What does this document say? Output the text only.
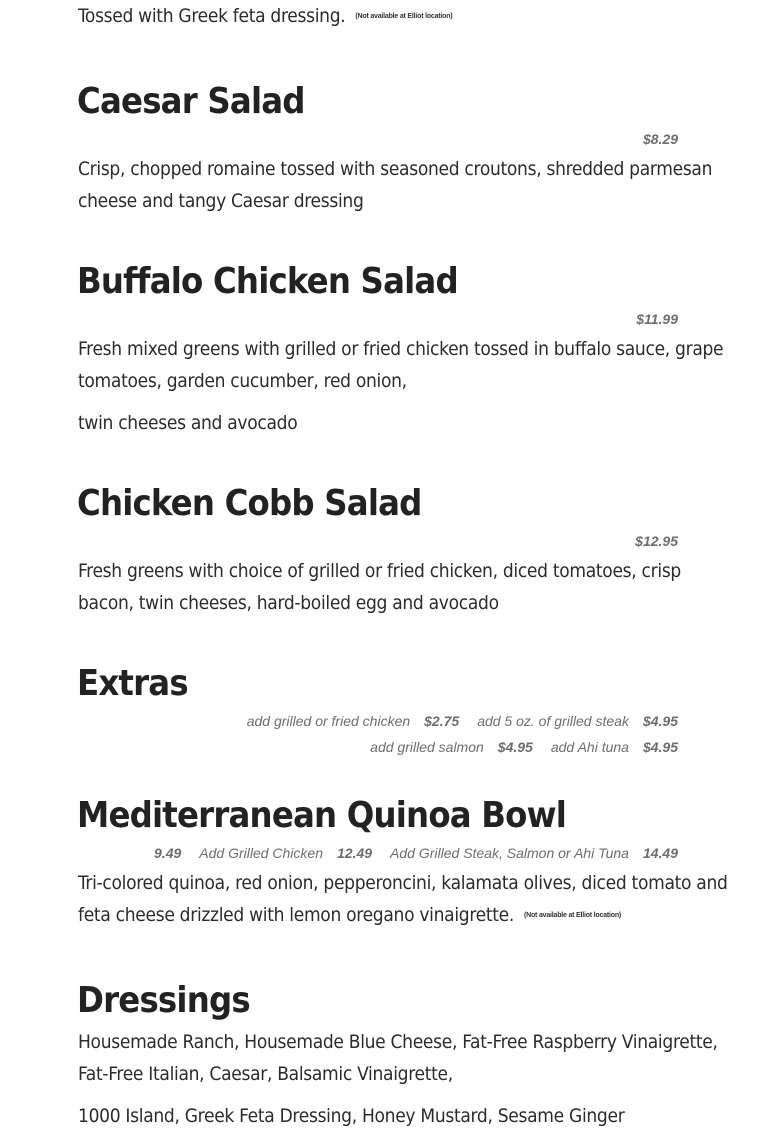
Tossed with Greek feta dressing. (Not available at Elliot location)

Caesar Salad
$8.29

Crisp, chopped romaine tossed with seasoned croutons, shredded parmesan

cheese and tangy Caesar dressing

Buffalo Chicken Salad
$11.99

Fresh mixed greens with grilled or fried chicken tossed in buffalo sauce, grape

tomatoes, garden cucumber, red onion,

twin cheeses and avocado

Chicken Cobb Salad
$12.95

Fresh greens with choice of grilled or fried chicken, diced tomatoes, crisp

bacon, twin cheeses, hard-boiled egg and avocado

Extras
add grilled or fried chicken $2.75 add 5 oz. of grilled steak $4.95
add grilled salmon $4.95 add Ahi tuna $4.95
Mediterranean Quinoa Bowl
9.49 Add Grilled Chicken 12.49 Add Grilled Steak, Salmon or Ahi Tuna 14.49

Tri-colored quinoa, red onion, pepperoncini, kalamata olives, diced tomato and

feta cheese drizzled with lemon oregano vinaigrette. (Not available at Elliot location)

Dressings

Housemade Ranch, Housemade Blue Cheese, Fat-Free Raspberry Vinaigrette,

Fat-Free Italian, Caesar, Balsamic Vinaigrette,

1000 Island, Greek Feta Dressing, Honey Mustard, Sesame Ginger
